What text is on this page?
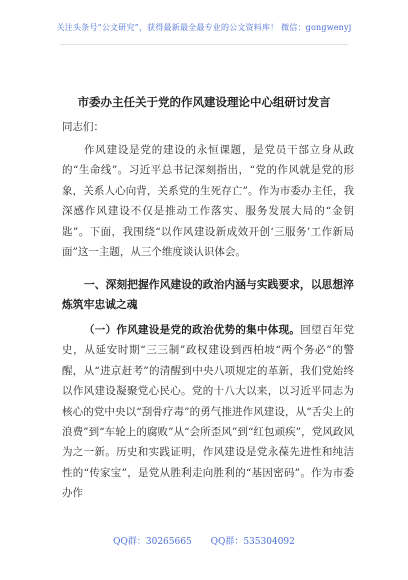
关注头条号“公文研究”，获得最新最全最专业的公文资料库！ 微信：gongwenyj
市委办主任关于党的作风建设理论中心组研讨发言
同志们：
作风建设是党的建设的永恒课题，是党员干部立身从政的“生命线”。习近平总书记深刻指出，“党的作风就是党的形象，关系人心向背，关系党的生死存亡”。作为市委办主任，我深感作风建设不仅是推动工作落实、服务发展大局的“金钥匙”。下面，我围绕“以作风建设新成效开创‘三服务’工作新局面”这一主题，从三个维度谈认识体会。
一、深刻把握作风建设的政治内涵与实践要求，以思想淬炼筑牢忠诚之魂
（一）作风建设是党的政治优势的集中体现。回望百年党史，从延安时期“三三制”政权建设到西柏坡“两个务必”的警醒，从“进京赶考”的清醒到中央八项规定的革新，我们党始终以作风建设凝聚党心民心。党的十八大以来，以习近平同志为核心的党中央以“刮骨疗毒”的勇气推进作风建设，从“舌尖上的浪费”到“车轮上的腐败”从“会所歪风”到“红包顽疾”，党风政风为之一新。历史和实践证明，作风建设是党永葆先进性和纯洁性的“传家宝”，是党从胜利走向胜利的“基因密码”。作为市委办作
QQ群：30265665 QQ群：535304092
